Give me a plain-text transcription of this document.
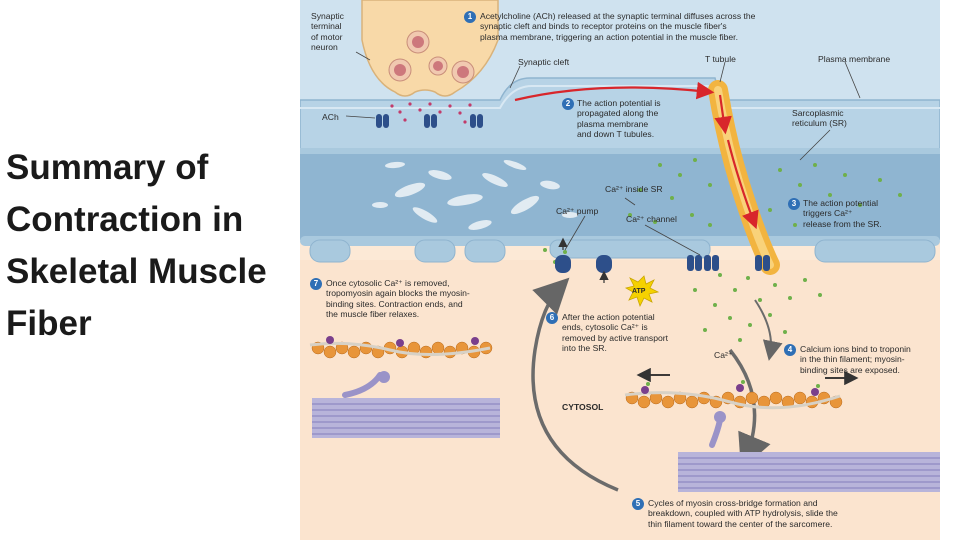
Summary of
Contraction in
Skeletal Muscle
Fiber
Synaptic
terminal
of motor
neuron
ACh
Synaptic cleft	T tubule	Plasma membrane
Sarcoplasmic
reticulum (SR)
Ca²⁺ inside SR
Ca²⁺ pump
Ca²⁺ channel
ATP
Ca²⁺
CYTOSOL
1 Acetylcholine (ACh) released at the synaptic terminal diffuses across the
synaptic cleft and binds to receptor proteins on the muscle fiber's
plasma membrane, triggering an action potential in the muscle fiber.
2 The action potential is
propagated along the
plasma membrane
and down T tubules.
3 The action potential
triggers Ca²⁺
release from the SR.
4 Calcium ions bind to troponin
in the thin filament; myosin-
binding sites are exposed.
5 Cycles of myosin cross-bridge formation and
breakdown, coupled with ATP hydrolysis, slide the
thin filament toward the center of the sarcomere.
6 After the action potential
ends, cytosolic Ca²⁺ is
removed by active transport
into the SR.
7 Once cytosolic Ca²⁺ is removed,
tropomyosin again blocks the myosin-
binding sites. Contraction ends, and
the muscle fiber relaxes.
